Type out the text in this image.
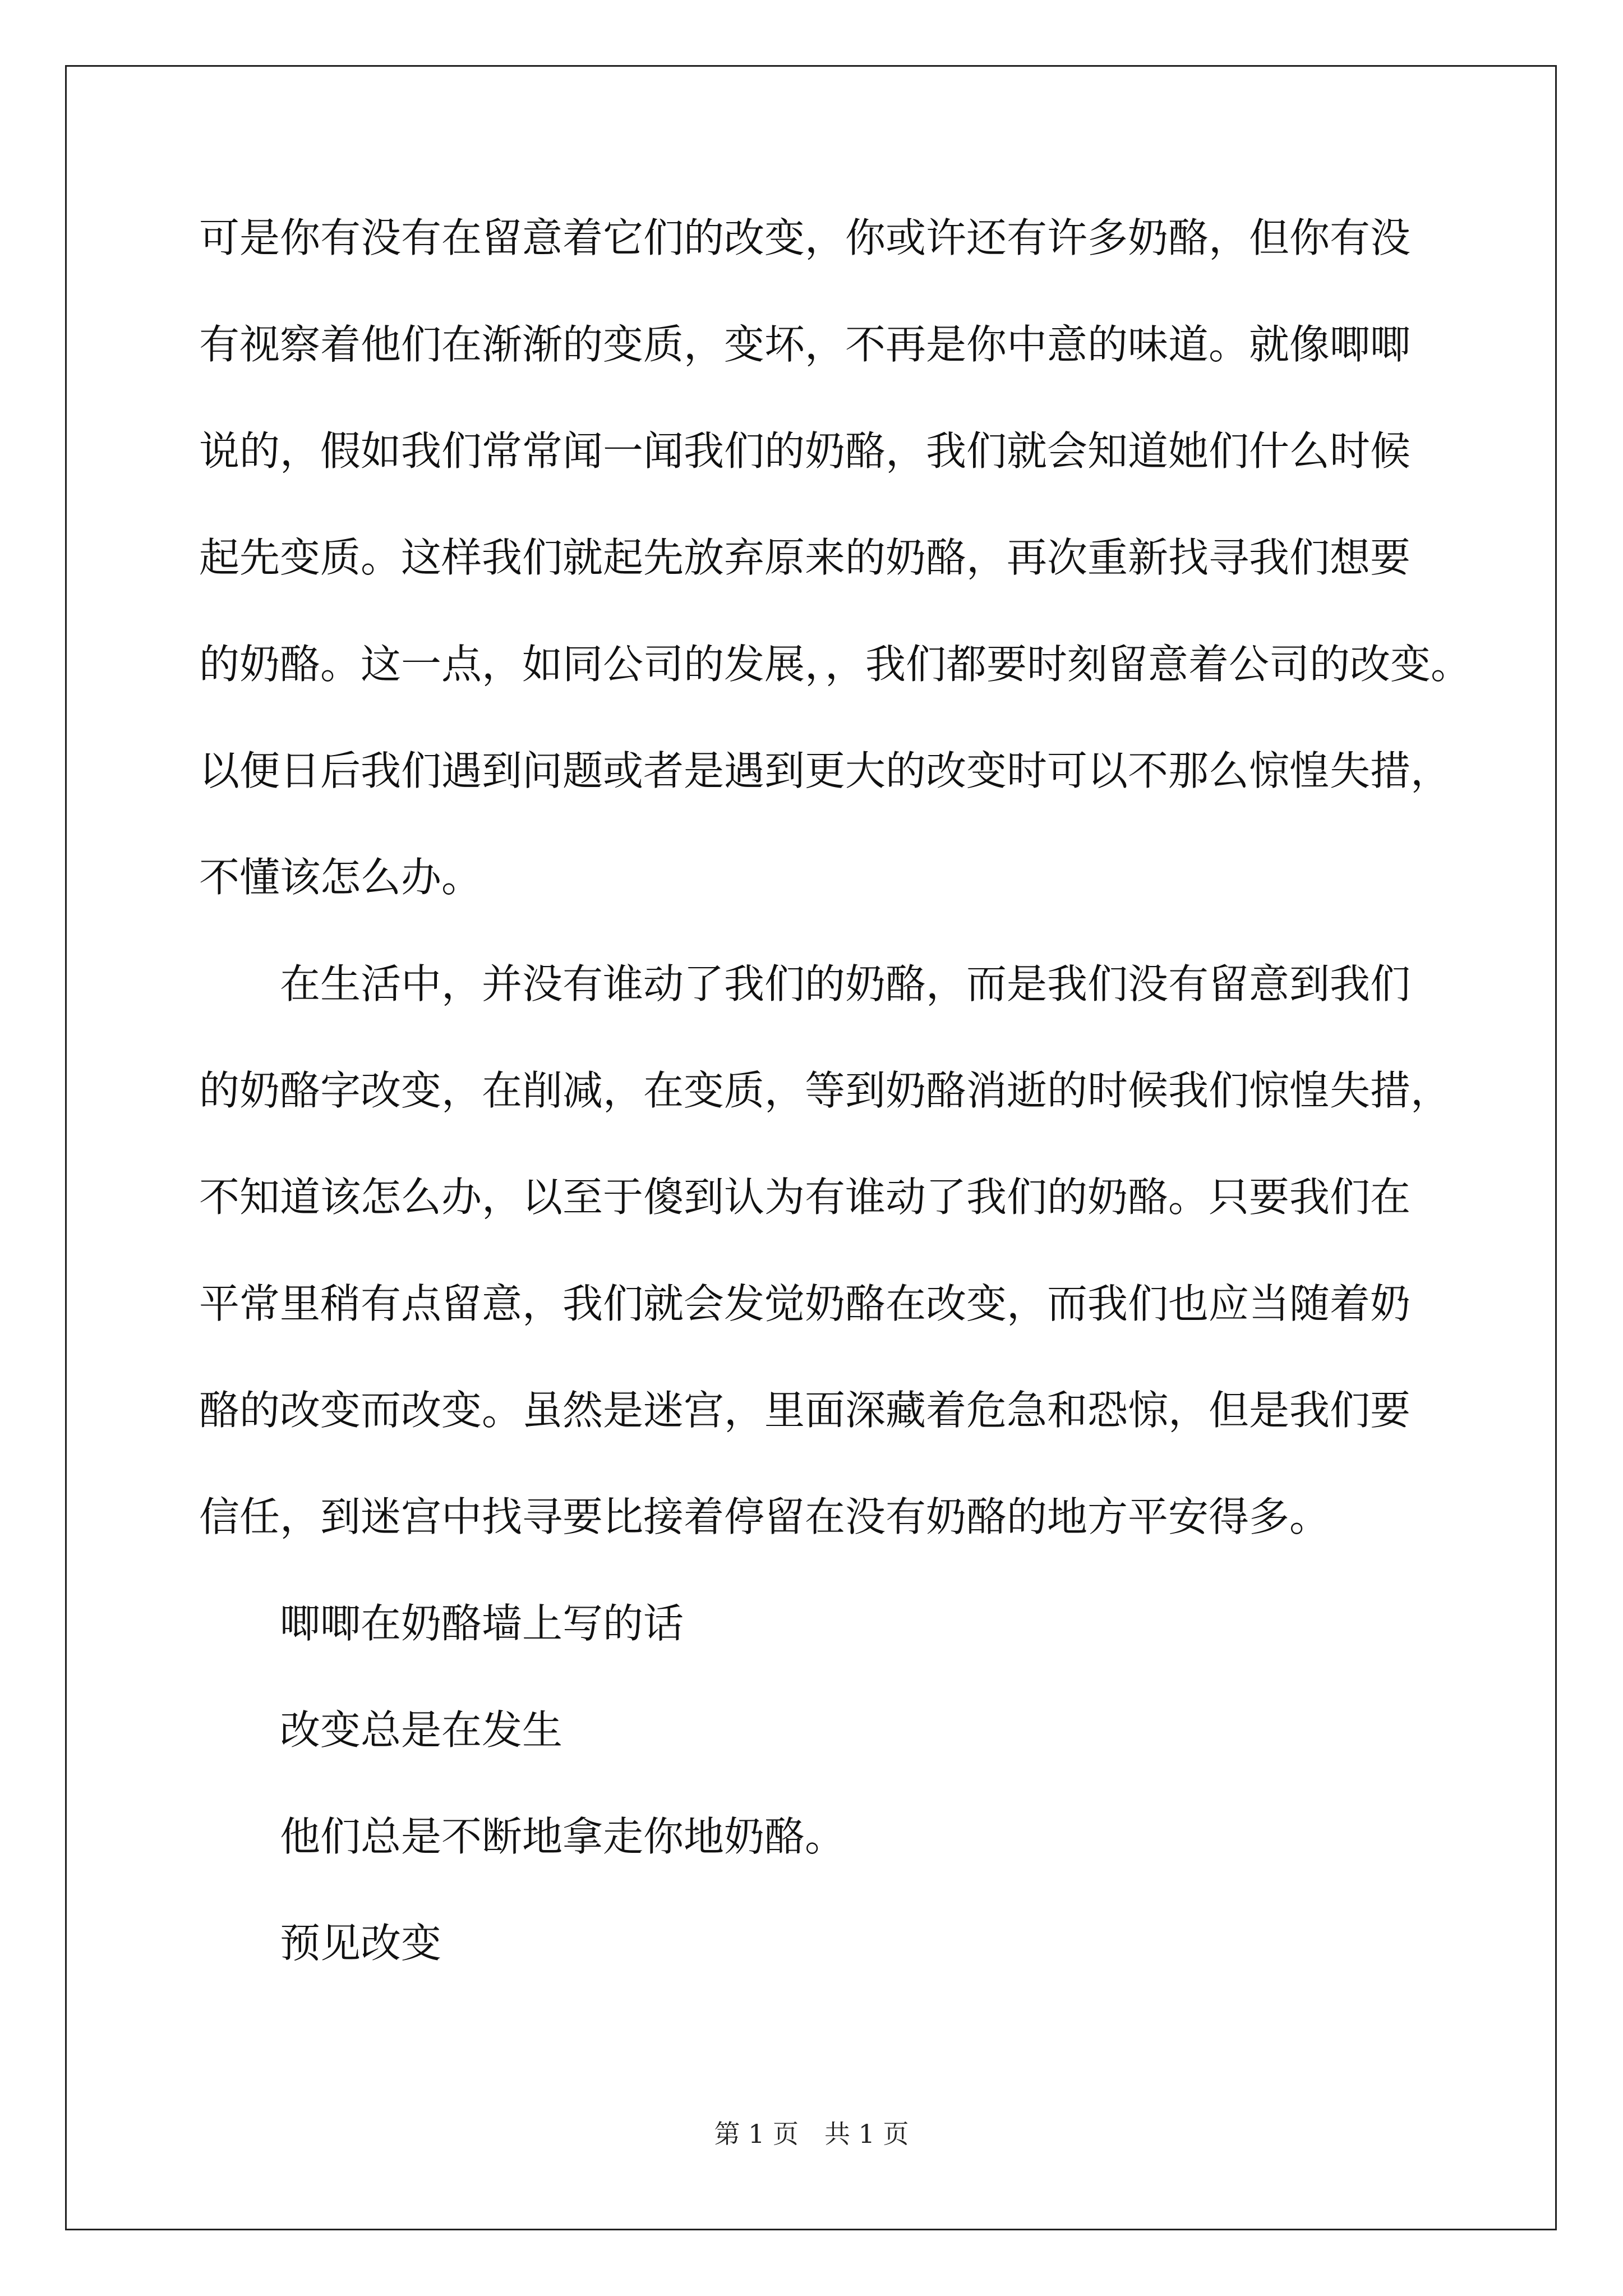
可是你有没有在留意着它们的改变，你或许还有许多奶酪，但你有没
有视察着他们在渐渐的变质，变坏，不再是你中意的味道。就像唧唧
说的，假如我们常常闻一闻我们的奶酪，我们就会知道她们什么时候
起先变质。这样我们就起先放弃原来的奶酪，再次重新找寻我们想要
的奶酪。这一点，如同公司的发展，，我们都要时刻留意着公司的改变。
以便日后我们遇到问题或者是遇到更大的改变时可以不那么惊惶失措，
不懂该怎么办。
在生活中，并没有谁动了我们的奶酪，而是我们没有留意到我们
的奶酪字改变，在削减，在变质，等到奶酪消逝的时候我们惊惶失措，
不知道该怎么办，以至于傻到认为有谁动了我们的奶酪。只要我们在
平常里稍有点留意，我们就会发觉奶酪在改变，而我们也应当随着奶
酪的改变而改变。虽然是迷宫，里面深藏着危急和恐惊，但是我们要
信任，到迷宫中找寻要比接着停留在没有奶酪的地方平安得多。
唧唧在奶酪墙上写的话
改变总是在发生
他们总是不断地拿走你地奶酪。
预见改变
第 1 页　共 1 页
